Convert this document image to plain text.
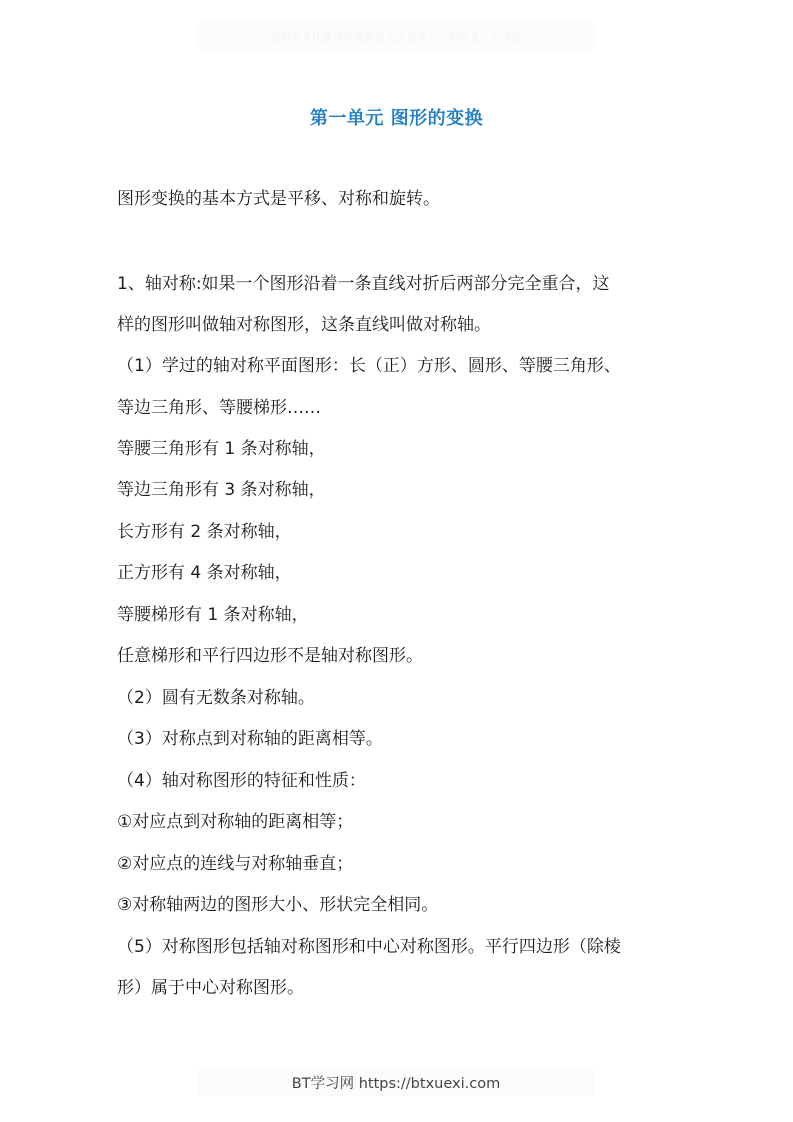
获取更多优质学习资源请关注公众号：有语文、有学霸
第一单元 图形的变换
图形变换的基本方式是平移、对称和旋转。
1、轴对称:如果一个图形沿着一条直线对折后两部分完全重合，这
样的图形叫做轴对称图形，这条直线叫做对称轴。
（1）学过的轴对称平面图形：长（正）方形、圆形、等腰三角形、
等边三角形、等腰梯形……
等腰三角形有 1 条对称轴，
等边三角形有 3 条对称轴，
长方形有 2 条对称轴，
正方形有 4 条对称轴，
等腰梯形有 1 条对称轴，
任意梯形和平行四边形不是轴对称图形。
（2）圆有无数条对称轴。
（3）对称点到对称轴的距离相等。
（4）轴对称图形的特征和性质：
①对应点到对称轴的距离相等；
②对应点的连线与对称轴垂直；
③对称轴两边的图形大小、形状完全相同。
（5）对称图形包括轴对称图形和中心对称图形。平行四边形（除棱
形）属于中心对称图形。
BT学习网 https://btxuexi.com
